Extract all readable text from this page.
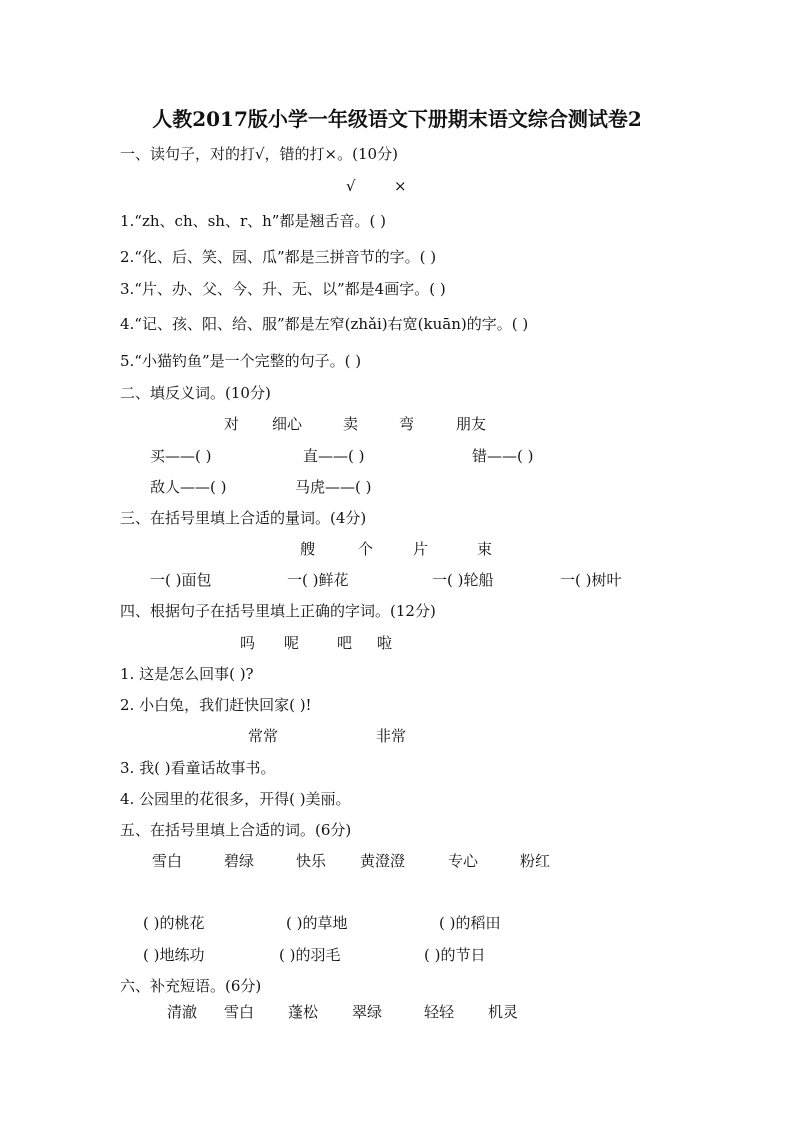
人教2017版小学一年级语文下册期末语文综合测试卷2
一、读句子，对的打√，错的打×。(10分)
√	×
1.“zh、ch、sh、r、h”都是翘舌音。( )
2.“化、后、笑、园、瓜”都是三拼音节的字。( )
3.“片、办、父、今、升、无、以”都是4画字。( )
4.“记、孩、阳、给、服”都是左窄(zhǎi)右宽(kuān)的字。( )
5.“小猫钓鱼”是一个完整的句子。( )
二、填反义词。(10分)
对 细心	卖	弯	朋友
买——( )	直——( )	错——( )
敌人——( )	马虎——( )
三、在括号里填上合适的量词。(4分)
艘	个	片	束
一( )面包	一( )鲜花	一( )轮船	一( )树叶
四、根据句子在括号里填上正确的字词。(12分)
吗 呢	吧 啦
1. 这是怎么回事( )?
2. 小白兔，我们赶快回家( )!
常常	非常
3. 我( )看童话故事书。
4. 公园里的花很多，开得( )美丽。
五、在括号里填上合适的词。(6分)
雪白	碧绿	快乐 黄澄澄	专心	粉红
( )的桃花	( )的草地	( )的稻田
( )地练功	( )的羽毛	( )的节日
六、补充短语。(6分)
清澈 雪白 蓬松 翠绿	轻轻 机灵
